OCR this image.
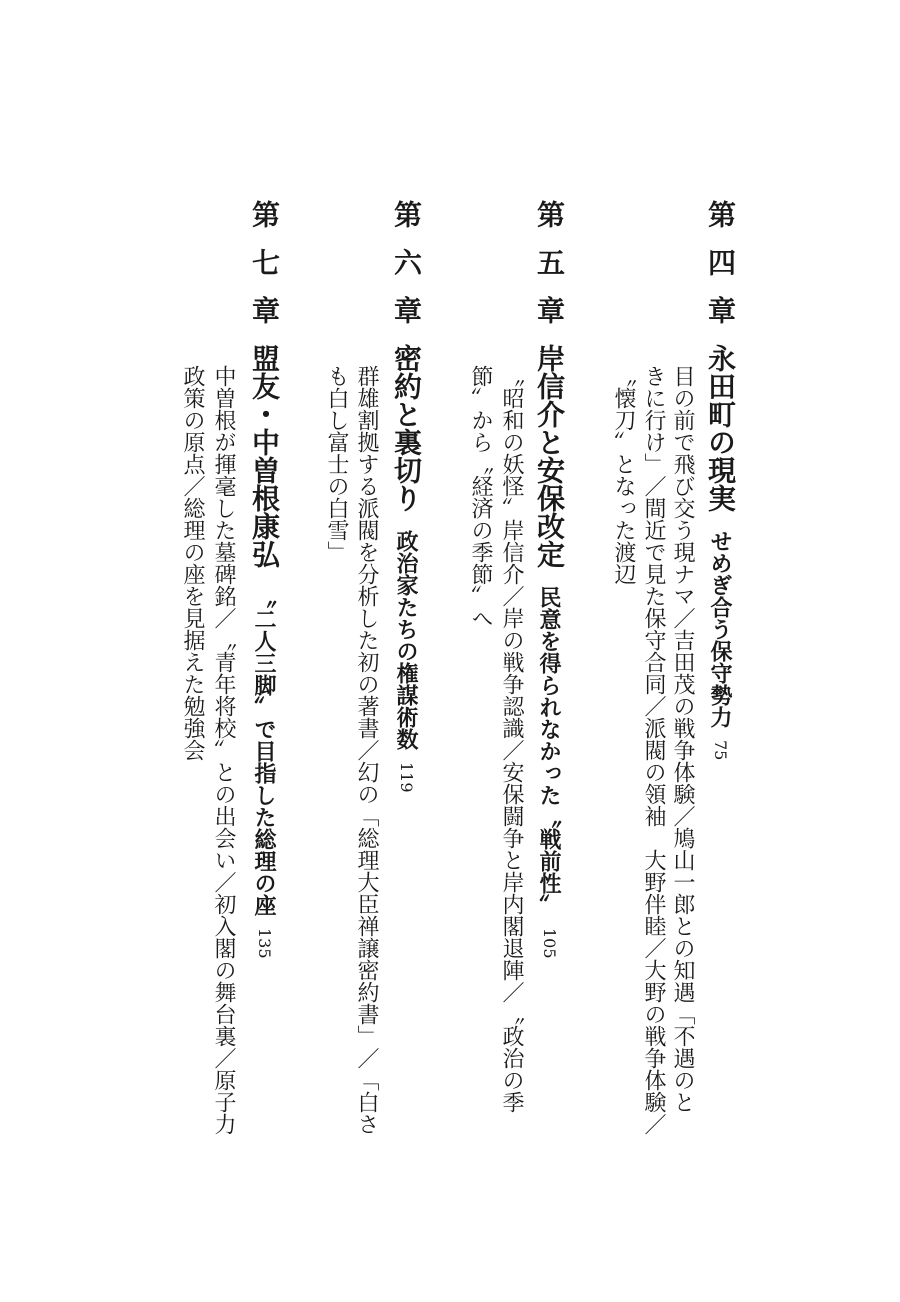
第四章永田町の現実せめぎ合う保守勢力75
目の前で飛び交う現ナマ／吉田茂の戦争体験／鳩山一郎との知遇「不遇のと
きに行け」／間近で見た保守合同／派閥の領袖　大野伴睦／大野の戦争体験／
〝懐刀〟となった渡辺
第五章岸信介と安保改定民意を得られなかった〝戦前性〟105
〝昭和の妖怪〟岸信介／岸の戦争認識／安保闘争と岸内閣退陣／〝政治の季
節〟から〝経済の季節〟へ
第六章密約と裏切り政治家たちの権謀術数119
群雄割拠する派閥を分析した初の著書／幻の「総理大臣禅譲密約書」／「白さ
も白し富士の白雪」
第七章盟友・中曽根康弘〝二人三脚〟で目指した総理の座135
中曽根が揮毫した墓碑銘／〝青年将校〟との出会い／初入閣の舞台裏／原子力
政策の原点／総理の座を見据えた勉強会
